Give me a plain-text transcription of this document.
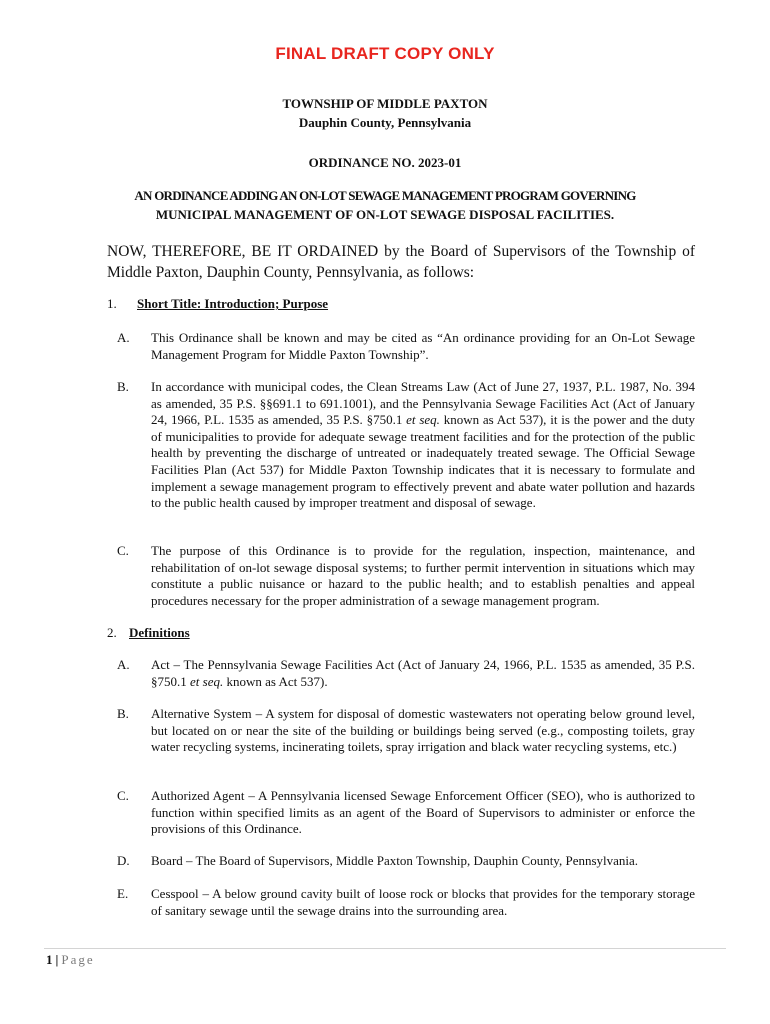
FINAL DRAFT COPY ONLY
TOWNSHIP OF MIDDLE PAXTON
Dauphin County, Pennsylvania
ORDINANCE NO. 2023-01
AN ORDINANCE ADDING AN ON-LOT SEWAGE MANAGEMENT PROGRAM GOVERNING
MUNICIPAL MANAGEMENT OF ON-LOT SEWAGE DISPOSAL FACILITIES.
NOW, THEREFORE, BE IT ORDAINED by the Board of Supervisors of the Township of Middle Paxton, Dauphin County, Pennsylvania, as follows:
1. Short Title: Introduction; Purpose
A. This Ordinance shall be known and may be cited as “An ordinance providing for an On-Lot Sewage Management Program for Middle Paxton Township”.
B. In accordance with municipal codes, the Clean Streams Law (Act of June 27, 1937, P.L. 1987, No. 394 as amended, 35 P.S. §§691.1 to 691.1001), and the Pennsylvania Sewage Facilities Act (Act of January 24, 1966, P.L. 1535 as amended, 35 P.S. §750.1 et seq. known as Act 537), it is the power and the duty of municipalities to provide for adequate sewage treatment facilities and for the protection of the public health by preventing the discharge of untreated or inadequately treated sewage. The Official Sewage Facilities Plan (Act 537) for Middle Paxton Township indicates that it is necessary to formulate and implement a sewage management program to effectively prevent and abate water pollution and hazards to the public health caused by improper treatment and disposal of sewage.
C. The purpose of this Ordinance is to provide for the regulation, inspection, maintenance, and rehabilitation of on-lot sewage disposal systems; to further permit intervention in situations which may constitute a public nuisance or hazard to the public health; and to establish penalties and appeal procedures necessary for the proper administration of a sewage management program.
2. Definitions
A. Act – The Pennsylvania Sewage Facilities Act (Act of January 24, 1966, P.L. 1535 as amended, 35 P.S. §750.1 et seq. known as Act 537).
B. Alternative System – A system for disposal of domestic wastewaters not operating below ground level, but located on or near the site of the building or buildings being served (e.g., composting toilets, gray water recycling systems, incinerating toilets, spray irrigation and black water recycling systems, etc.)
C. Authorized Agent – A Pennsylvania licensed Sewage Enforcement Officer (SEO), who is authorized to function within specified limits as an agent of the Board of Supervisors to administer or enforce the provisions of this Ordinance.
D. Board – The Board of Supervisors, Middle Paxton Township, Dauphin County, Pennsylvania.
E. Cesspool – A below ground cavity built of loose rock or blocks that provides for the temporary storage of sanitary sewage until the sewage drains into the surrounding area.
1 | Page
